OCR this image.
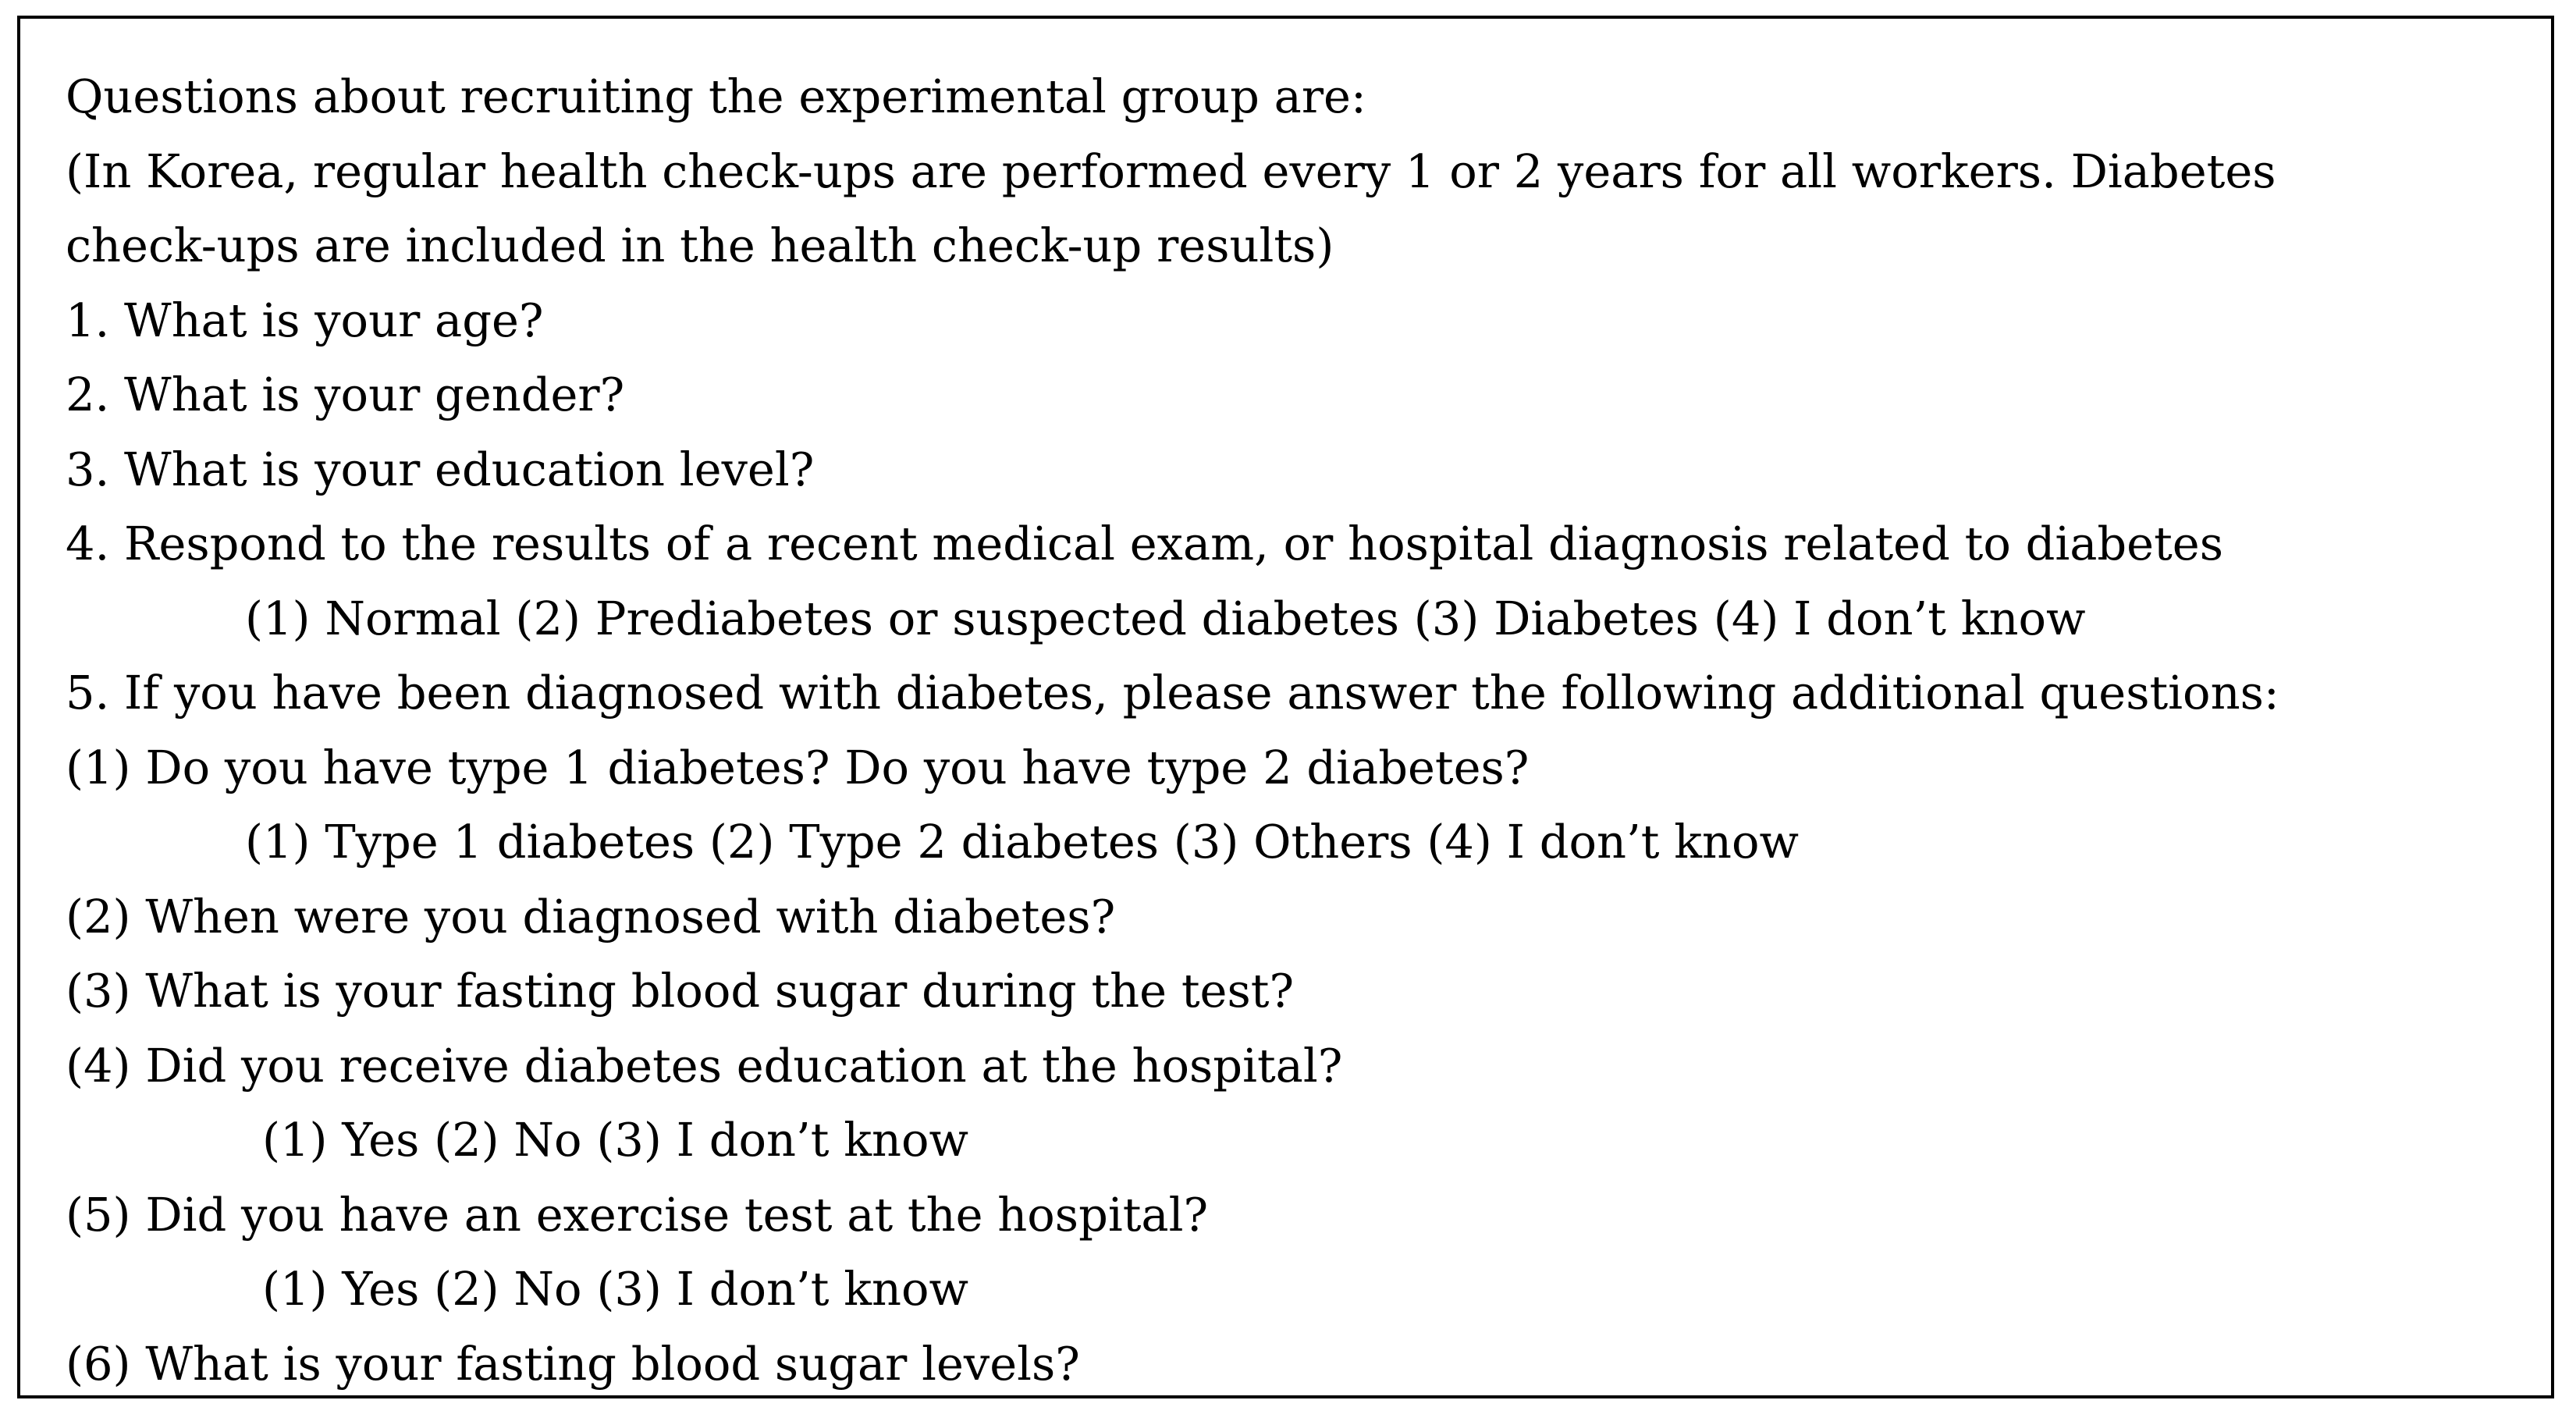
Questions about recruiting the experimental group are:
(In Korea, regular health check-ups are performed every 1 or 2 years for all workers. Diabetes
check-ups are included in the health check-up results)
1. What is your age?
2. What is your gender?
3. What is your education level?
4. Respond to the results of a recent medical exam, or hospital diagnosis related to diabetes
(1) Normal (2) Prediabetes or suspected diabetes (3) Diabetes (4) I don’t know
5. If you have been diagnosed with diabetes, please answer the following additional questions:
(1) Do you have type 1 diabetes? Do you have type 2 diabetes?
(1) Type 1 diabetes (2) Type 2 diabetes (3) Others (4) I don’t know
(2) When were you diagnosed with diabetes?
(3) What is your fasting blood sugar during the test?
(4) Did you receive diabetes education at the hospital?
(1) Yes (2) No (3) I don’t know
(5) Did you have an exercise test at the hospital?
(1) Yes (2) No (3) I don’t know
(6) What is your fasting blood sugar levels?
